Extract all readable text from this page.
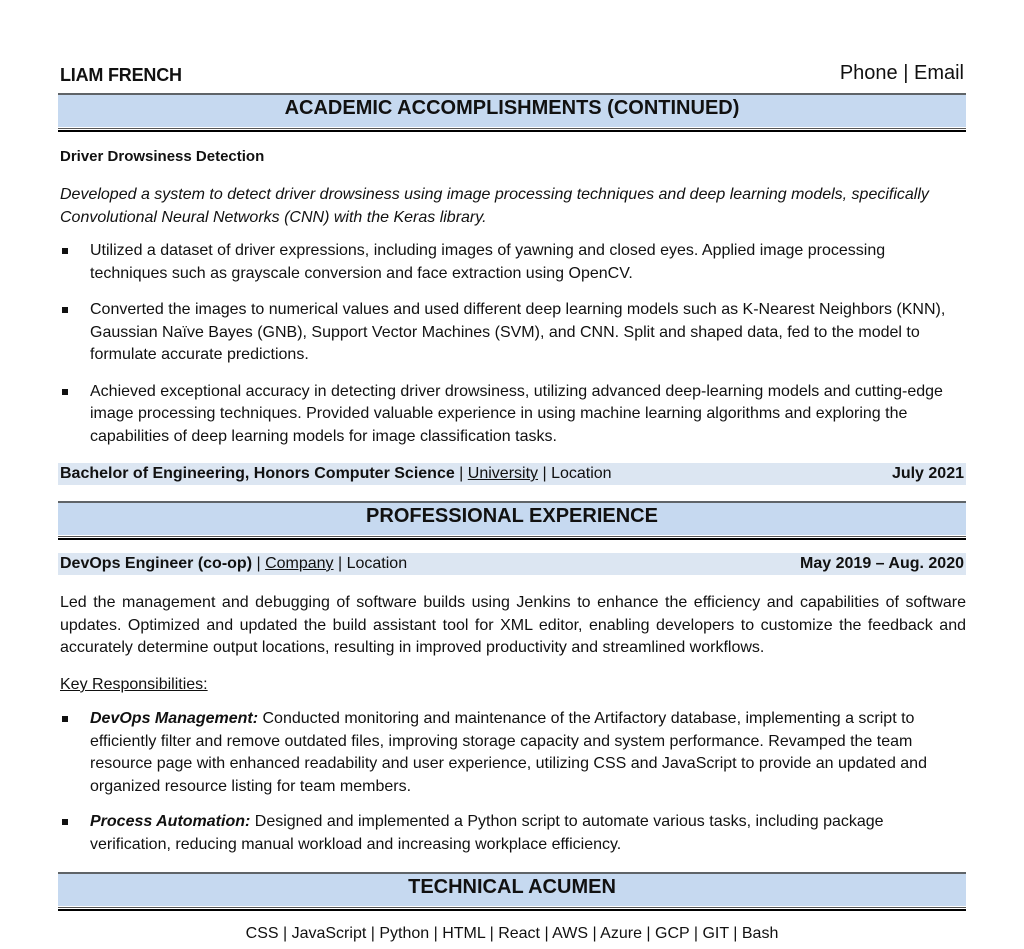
LIAM FRENCH	Phone | Email
ACADEMIC ACCOMPLISHMENTS (CONTINUED)
Driver Drowsiness Detection
Developed a system to detect driver drowsiness using image processing techniques and deep learning models, specifically
Convolutional Neural Networks (CNN) with the Keras library.
Utilized a dataset of driver expressions, including images of yawning and closed eyes. Applied image processing techniques such as grayscale conversion and face extraction using OpenCV.
Converted the images to numerical values and used different deep learning models such as K-Nearest Neighbors (KNN), Gaussian Naïve Bayes (GNB), Support Vector Machines (SVM), and CNN. Split and shaped data, fed to the model to formulate accurate predictions.
Achieved exceptional accuracy in detecting driver drowsiness, utilizing advanced deep-learning models and cutting-edge image processing techniques. Provided valuable experience in using machine learning algorithms and exploring the capabilities of deep learning models for image classification tasks.
Bachelor of Engineering, Honors Computer Science | University | Location	July 2021
PROFESSIONAL EXPERIENCE
DevOps Engineer (co-op) | Company | Location	May 2019 – Aug. 2020
Led the management and debugging of software builds using Jenkins to enhance the efficiency and capabilities of software updates. Optimized and updated the build assistant tool for XML editor, enabling developers to customize the feedback and accurately determine output locations, resulting in improved productivity and streamlined workflows.
Key Responsibilities:
DevOps Management: Conducted monitoring and maintenance of the Artifactory database, implementing a script to efficiently filter and remove outdated files, improving storage capacity and system performance. Revamped the team resource page with enhanced readability and user experience, utilizing CSS and JavaScript to provide an updated and organized resource listing for team members.
Process Automation: Designed and implemented a Python script to automate various tasks, including package verification, reducing manual workload and increasing workplace efficiency.
TECHNICAL ACUMEN
CSS | JavaScript | Python | HTML | React | AWS | Azure | GCP | GIT | Bash
